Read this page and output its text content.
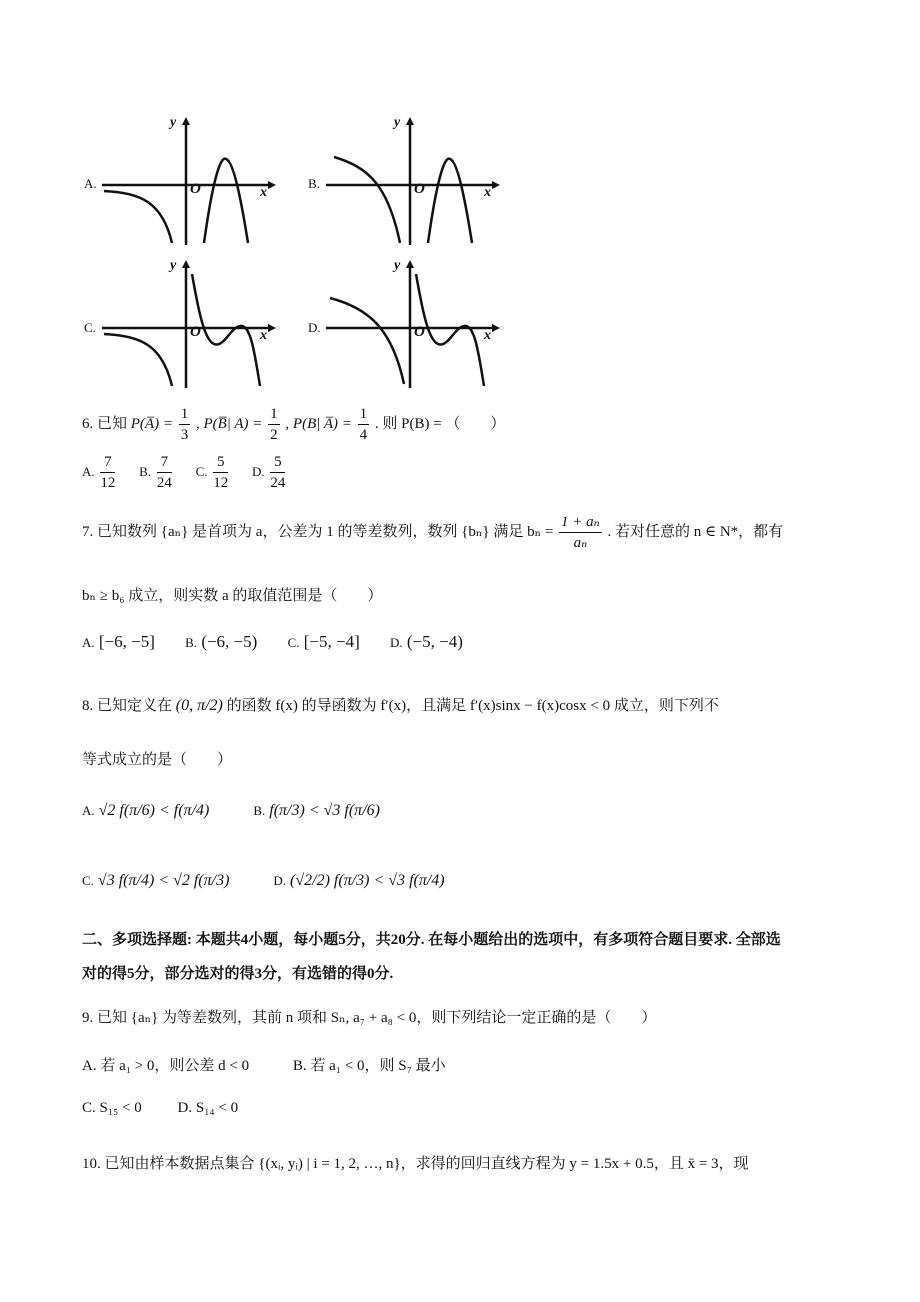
A.
y
x
O	B.
y
x
O
C.
y
x
O	D.
y
x
O
6. 已知 P(A̅) = $\frac{1}{3}$ , P(B̅| $A) = \frac{1}{2}$ , P(B| A̅) = $\frac{1}{4}$ . 则 P(B) = （　　）
A. $\frac{7}{12} B$. $\frac{7}{24} C$. $\frac{5}{12} D$. $\frac{5}{24}$
7. 已知数列 {aₙ} 是首项为 a，公差为 1 的等差数列，数列 {bₙ} 满足 $b_n = \frac{\text{1 + aₙ}}{\text{aₙ}}$ . 若对任意的 n ∈ N*，都有
bₙ ≥ b₆ 成立，则实数 a 的取值范围是（　　）
A. [−6, −5] B. (−6, −5) C. [−5, −4] D. (−5, −4)
8. 已知定义在 (0, π/2) 的函数 f(x) 的导函数为 f′(x)，且满足 f′(x)sinx − f(x)cosx < 0 成立，则下列不
等式成立的是（　　）
A. √2 f(π/6) < f(π/4)	B. f(π/3) < √3 f(π/6)
C. √3 f(π/4) < √2 f(π/3)	D. (√2/2) f(π/3) < √3 f(π/4)
二、多项选择题: 本题共4小题，每小题5分，共20分. 在每小题给出的选项中，有多项符合题目要求. 全部选
对的得5分，部分选对的得3分，有选错的得0分.
9. 已知 {aₙ} 为等差数列，其前 n 项和 Sₙ, a₇ + a₈ < 0，则下列结论一定正确的是（　　）
A. 若 a₁ > 0，则公差 d < 0	B. 若 a₁ < 0，则 S₇ 最小
C. S₁₅ < 0 D. S₁₄ < 0
10. 已知由样本数据点集合 {(xᵢ, yᵢ) | i = 1, 2, …, n}，求得的回归直线方程为 y = 1.5x + 0.5，且 x̄ = 3，现
